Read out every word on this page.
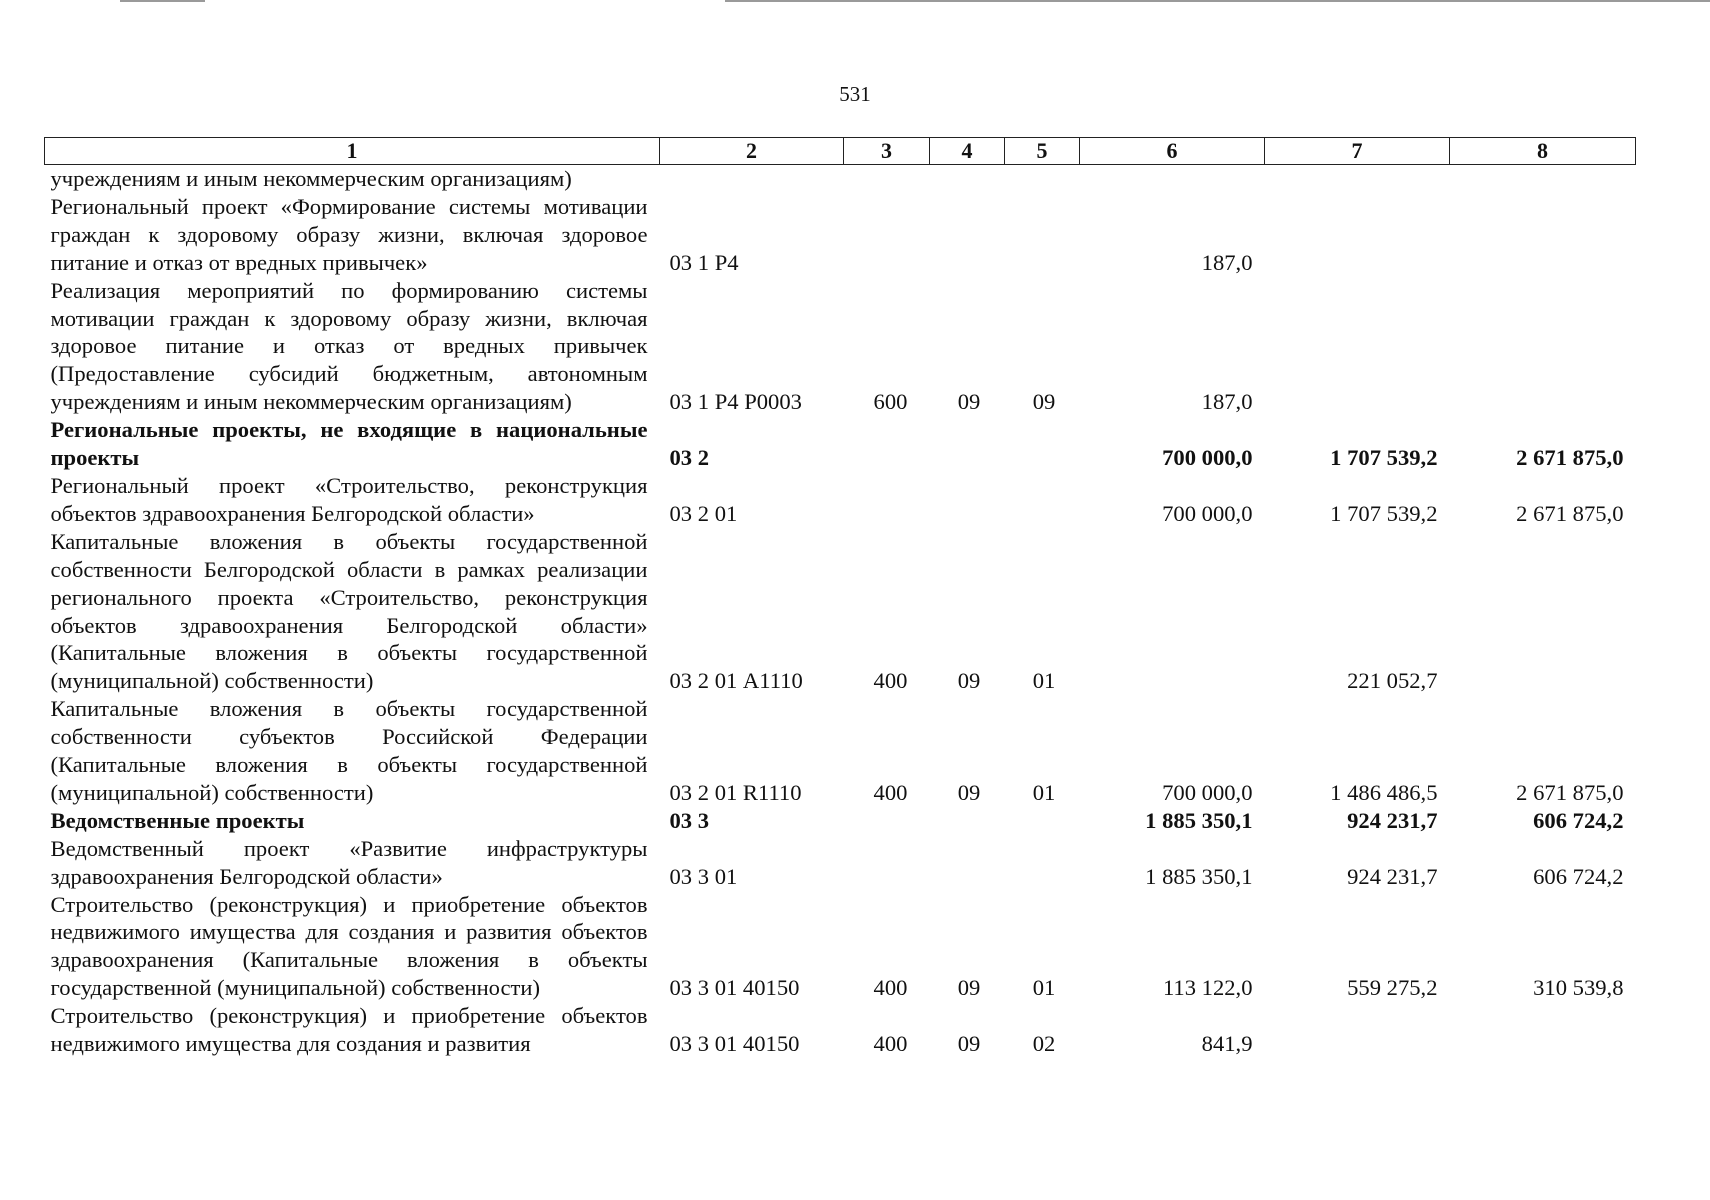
531
1	2	3	4	5	6	7	8
учреждениям и иным некоммерческим организациям)							
Региональный проект «Формирование системы мотивации граждан к здоровому образу жизни, включая здоровое питание и отказ от вредных привычек»	03 1 Р4				187,0		
Реализация мероприятий по формированию системы мотивации граждан к здоровому образу жизни, включая здоровое питание и отказ от вредных привычек (Предоставление субсидий бюджетным, автономным учреждениям и иным некоммерческим организациям)	03 1 Р4 Р0003	600	09	09	187,0		
Региональные проекты, не входящие в национальные проекты	03 2				700 000,0	1 707 539,2	2 671 875,0
Региональный проект «Строительство, реконструкция объектов здравоохранения Белгородской области»	03 2 01				700 000,0	1 707 539,2	2 671 875,0
Капитальные вложения в объекты государственной собственности Белгородской области в рамках реализации регионального проекта «Строительство, реконструкция объектов здравоохранения Белгородской области» (Капитальные вложения в объекты государственной (муниципальной) собственности)	03 2 01 А1110	400	09	01		221 052,7	
Капитальные вложения в объекты государственной собственности субъектов Российской Федерации (Капитальные вложения в объекты государственной (муниципальной) собственности)	03 2 01 R1110	400	09	01	700 000,0	1 486 486,5	2 671 875,0
Ведомственные проекты	03 3				1 885 350,1	924 231,7	606 724,2
Ведомственный проект «Развитие инфраструктуры здравоохранения Белгородской области»	03 3 01				1 885 350,1	924 231,7	606 724,2
Строительство (реконструкция) и приобретение объектов недвижимого имущества для создания и развития объектов здравоохранения (Капитальные вложения в объекты государственной (муниципальной) собственности)	03 3 01 40150	400	09	01	113 122,0	559 275,2	310 539,8
Строительство (реконструкция) и приобретение объектов недвижимого имущества для создания и развития	03 3 01 40150	400	09	02	841,9		
